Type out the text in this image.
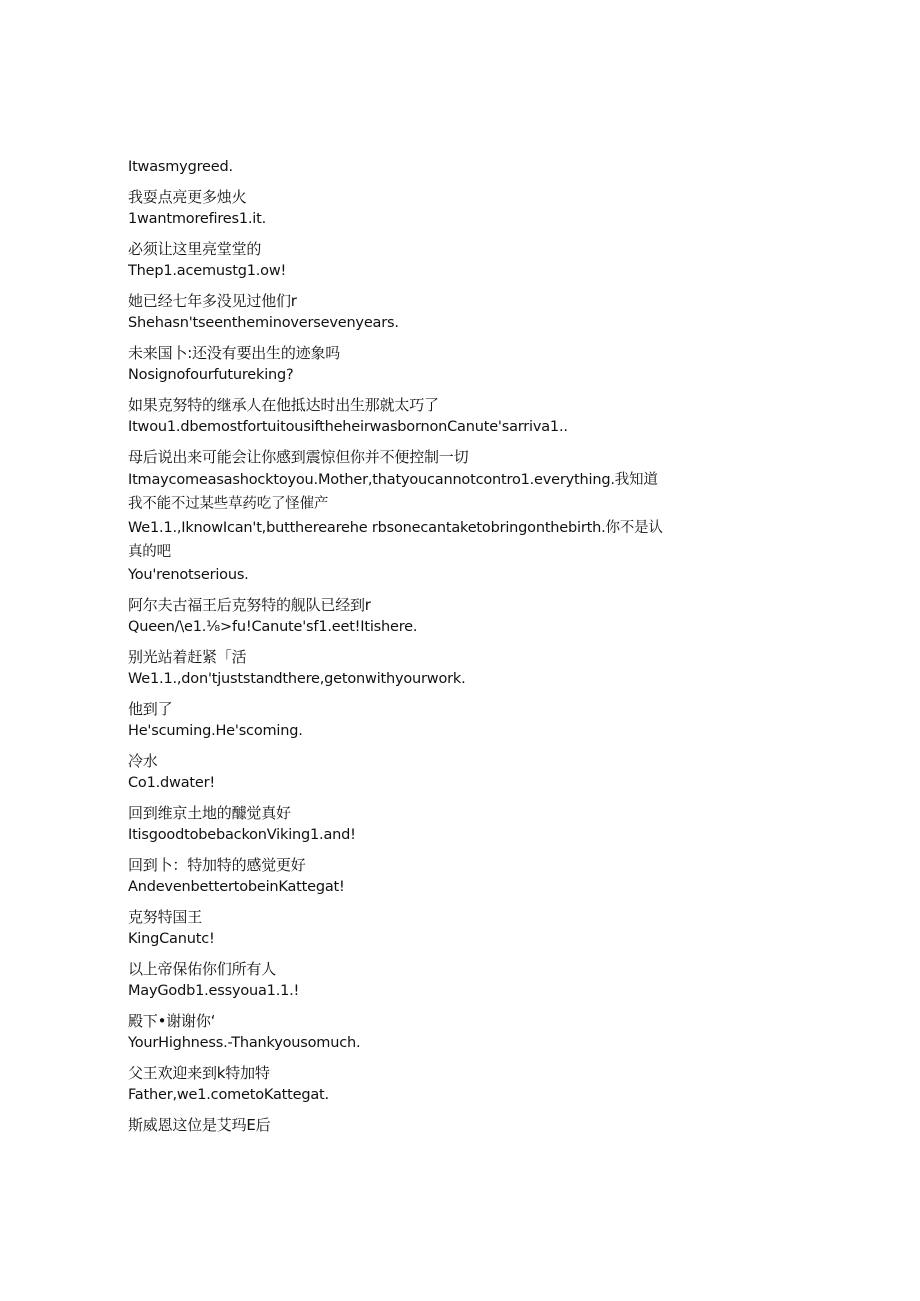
Itwasmygreed.
我耍点亮更多烛火
1wantmorefires1.it.
必须让这里亮堂堂的
Thep1.acemustg1.ow!
她已经七年多没见过他们r
Shehasn'tseentheminoversevenyears.
未来国卜:还没有要出生的迹象吗
Nosignofourfutureking?
如果克努特的继承人在他抵达时出生那就太巧了
Itwou1.dbemostfortuitousiftheheirwasbornonCanute'sarriva1..
母后说出来可能会让你感到震惊但你并不便控制一切
Itmaycomeasashocktoyou.Mother,thatyoucannotcontro1.everything.我知道我不能不过某些草药吃了怪催产
We1.1.,IknowIcan't,buttherearehe rbsonecantaketobringonthebirth.你不是认真的吧
You'renotserious.
阿尔夫古福王后克努特的舰队已经到r
Queen/\e1.⅛>fu!Canute'sf1.eet!Itishere.
别光站着赶紧「活
We1.1.,don'tjuststandthere,getonwithyourwork.
他到了
He'scuming.He'scoming.
冷水
Co1.dwater!
回到维京土地的醵觉真好
ItisgoodtobebackonViking1.and!
回到卜：特加特的感觉更好
AndevenbettertobeinKattegat!
克努特国王
KingCanutc!
以上帝保佑你们所有人
MayGodb1.essyoua1.1.!
殿下•谢谢你‘
YourHighness.-Thankyousomuch.
父王欢迎来到k特加特
Father,we1.cometoKattegat.
斯威恩这位是艾玛E后
